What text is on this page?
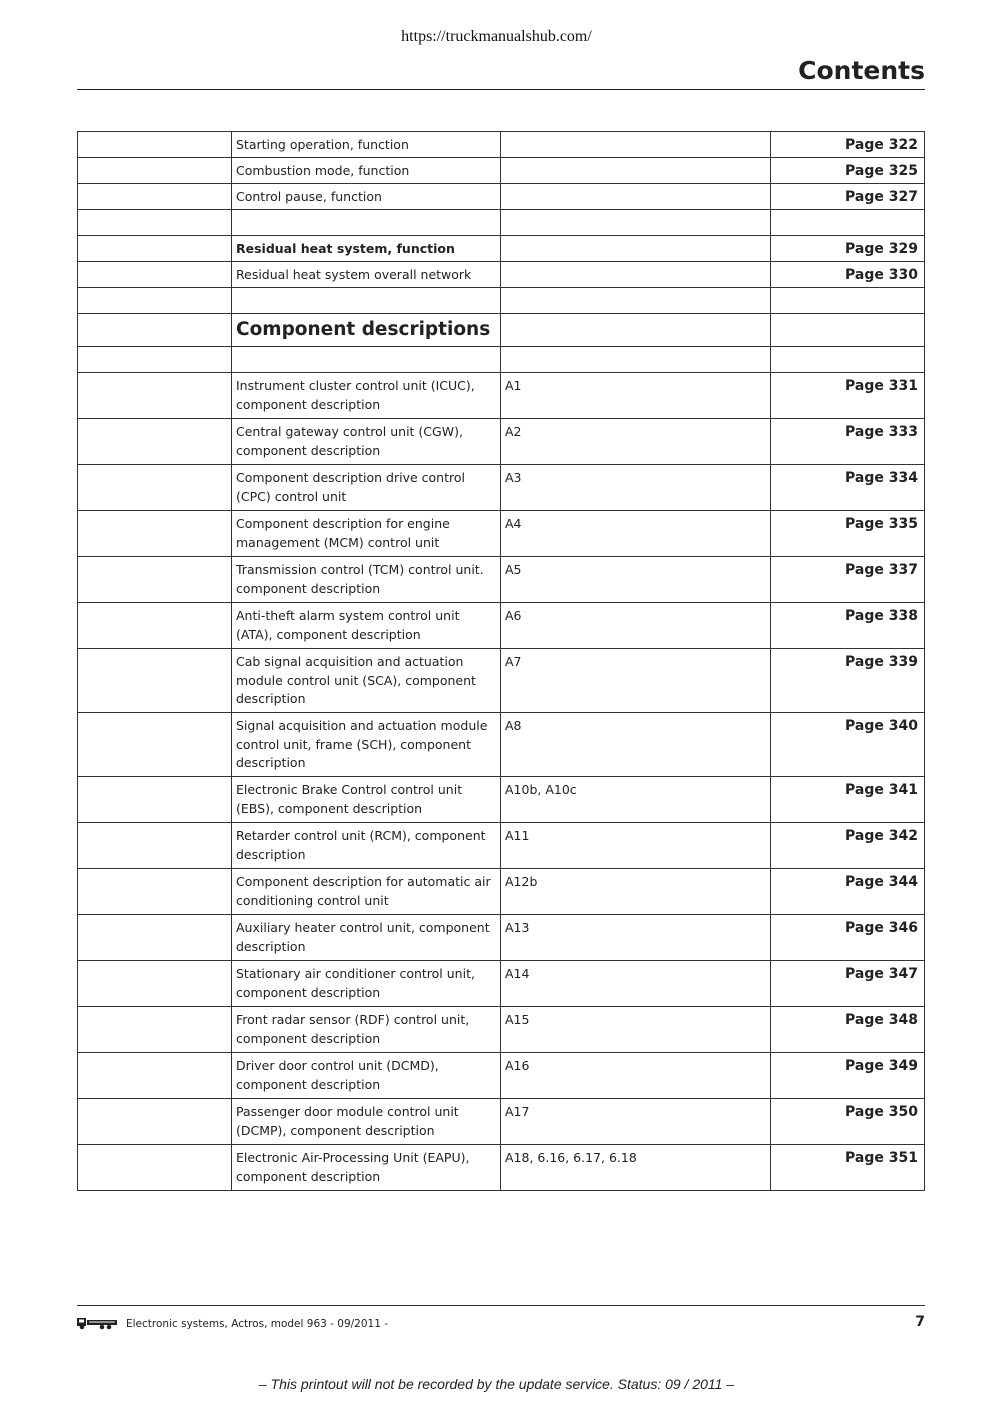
https://truckmanualshub.com/
Contents
	Starting operation, function		Page 322
	Combustion mode, function		Page 325
	Control pause, function		Page 327

	Residual heat system, function		Page 329
	Residual heat system overall network		Page 330

	Component descriptions		

	Instrument cluster control unit (ICUC), component description	A1	Page 331
	Central gateway control unit (CGW), component description	A2	Page 333
	Component description drive control (CPC) control unit	A3	Page 334
	Component description for engine management (MCM) control unit	A4	Page 335
	Transmission control (TCM) control unit. component description	A5	Page 337
	Anti-theft alarm system control unit (ATA), component description	A6	Page 338
	Cab signal acquisition and actuation module control unit (SCA), component description	A7	Page 339
	Signal acquisition and actuation module control unit, frame (SCH), component description	A8	Page 340
	Electronic Brake Control control unit (EBS), component description	A10b, A10c	Page 341
	Retarder control unit (RCM), component description	A11	Page 342
	Component description for automatic air conditioning control unit	A12b	Page 344
	Auxiliary heater control unit, component description	A13	Page 346
	Stationary air conditioner control unit, component description	A14	Page 347
	Front radar sensor (RDF) control unit, component description	A15	Page 348
	Driver door control unit (DCMD), component description	A16	Page 349
	Passenger door module control unit (DCMP), component description	A17	Page 350
	Electronic Air-Processing Unit (EAPU), component description	A18, 6.16, 6.17, 6.18	Page 351
Electronic systems, Actros, model 963 - 09/2011 -	7
– This printout will not be recorded by the update service. Status: 09 / 2011 –
